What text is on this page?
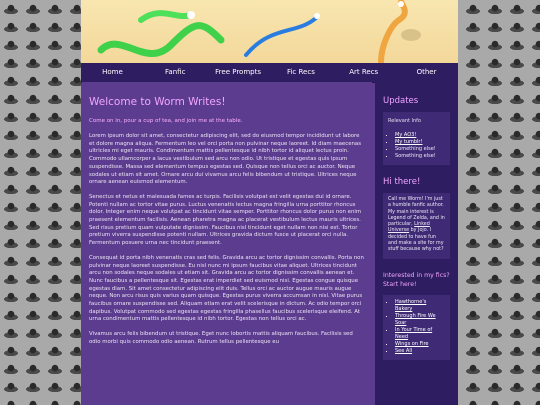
Home	Fanfic	Free Prompts	Fic Recs	Art Recs	Other
Welcome to Worm Writes!

Come on in, pour a cup of tea, and join me at the table.

Lorem ipsum dolor sit amet, consectetur adipiscing elit, sed do eiusmod tempor incididunt ut labore et dolore magna aliqua. Fermentum leo vel orci porta non pulvinar neque laoreet. Id diam maecenas ultricies mi eget mauris. Condimentum mattis pellentesque id nibh tortor id aliquet lectus proin. Commodo ullamcorper a lacus vestibulum sed arcu non odio. Ut tristique et egestas quis ipsum suspendisse. Massa sed elementum tempus egestas sed. Quisque non tellus orci ac auctor. Neque sodales ut etiam sit amet. Ornare arcu dui vivamus arcu felis bibendum ut tristique. Ultrices neque ornare aenean euismod elementum.

Senectus et netus et malesuada fames ac turpis. Facilisis volutpat est velit egestas dui id ornare. Potenti nullam ac tortor vitae purus. Luctus venenatis lectus magna fringilla urna porttitor rhoncus dolor. Integer enim neque volutpat ac tincidunt vitae semper. Porttitor rhoncus dolor purus non enim praesent elementum facilisis. Aenean pharetra magna ac placerat vestibulum lectus mauris ultrices. Sed risus pretium quam vulputate dignissim. Faucibus nisl tincidunt eget nullam non nisi est. Tortor pretium viverra suspendisse potenti nullam. Ultrices gravida dictum fusce ut placerat orci nulla. Fermentum posuere urna nec tincidunt praesent.

Consequat id porta nibh venenatis cras sed felis. Gravida arcu ac tortor dignissim convallis. Porta non pulvinar neque laoreet suspendisse. Eu nisl nunc mi ipsum faucibus vitae aliquet. Ultrices tincidunt arcu non sodales neque sodales ut etiam sit. Gravida arcu ac tortor dignissim convallis aenean et. Nunc faucibus a pellentesque sit. Egestas erat imperdiet sed euismod nisi. Egestas congue quisque egestas diam. Sit amet consectetur adipiscing elit duis. Tellus orci ac auctor augue mauris augue neque. Non arcu risus quis varius quam quisque. Egestas purus viverra accumsan in nisl. Vitae purus faucibus ornare suspendisse sed. Aliquam etiam erat velit scelerisque in dictum. Ac odio tempor orci dapibus. Volutpat commodo sed egestas egestas fringilla phasellus faucibus scelerisque eleifend. At urna condimentum mattis pellentesque id nibh tortor. Egestas non tellus orci ac.

Vivamus arcu felis bibendum ut tristique. Eget nunc lobortis mattis aliquam faucibus. Facilisis sed odio morbi quis commodo odio aenean. Rutrum tellus pellentesque eu

Updates
Relevant Info
▪ My AO3!
▪ My tumblr!
▪ Something else!
▪ Something else!
Hi there!
Call me Worm! I'm just a humble fanfic author. My main interest is Legend of Zelda, and in particular, Linked Universe by Jojo. I decided to have fun and make a site for my stuff because why not?
Interested in my fics? Start here!
▪ Hawthorne's Bakery
▪ Through Fire We Soar
▪ In Your Time of Need
▪ Wings on Fire
▪ See All
